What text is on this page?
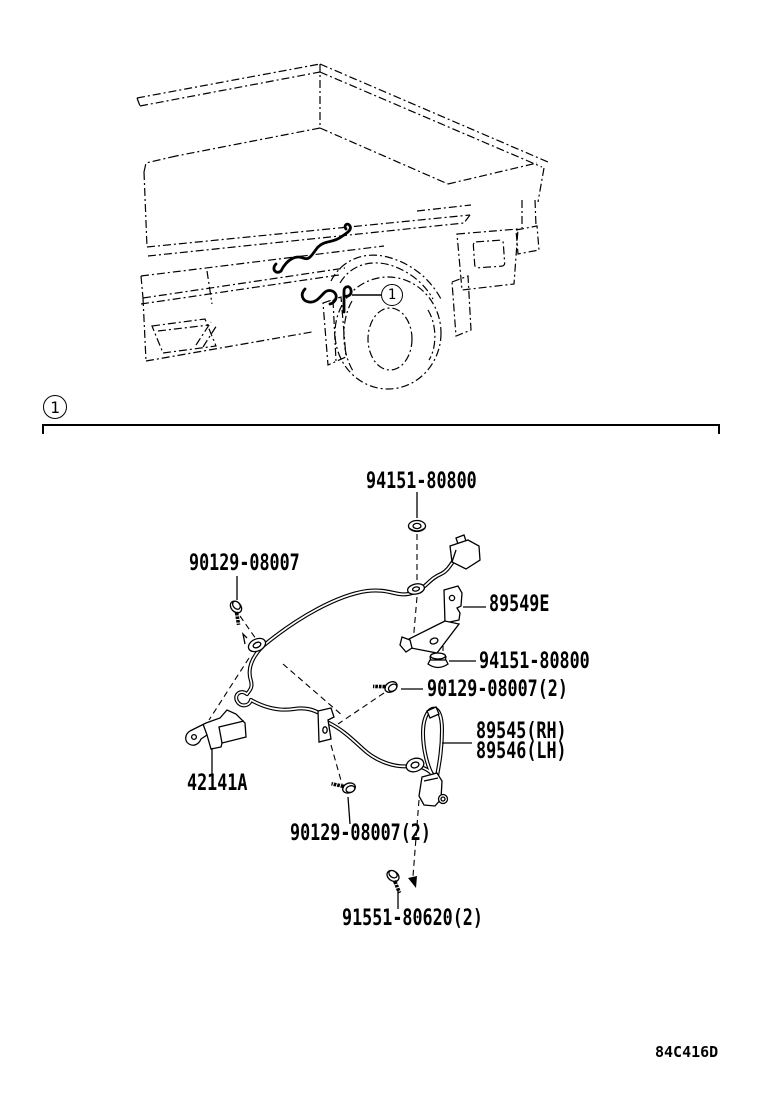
1
1
94151-80800
90129-08007
89549E
94151-80800
90129-08007(2)
89545(RH)
89546(LH)
42141A
90129-08007(2)
91551-80620(2)
84C416D
